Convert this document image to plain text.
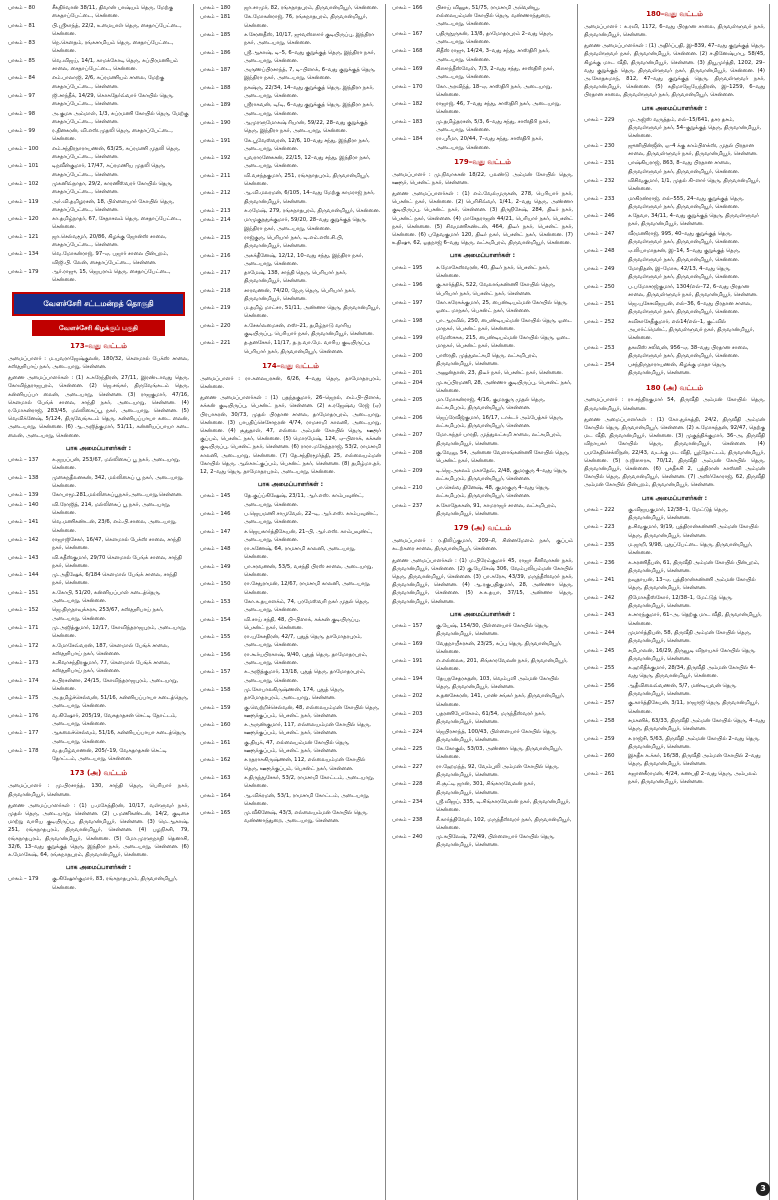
பாகம் – 80	சீகதிர்வான் 38/11, திவான் பாஷ்யம் தெரு, மேற்கு கைதாப்பேட்டை, சென்னை.
பாகம் – 81	பி.ஸ்ரீகாந்த், 22/2, உமையாள் தெரு, சைதாப்பேட்டை, சென்னை.
பாகம் – 83	நெ.கௌதம், ரங்கசாமியம் தெரு, சைதாப்பேட்டை, சென்னை.
பாகம் – 85	வெ.விஜய், 14/1, காமக்கோடி தெரு, சுப்பிரமணியம் சாலை, சைதாப்பேட்டை, சென்னை.
பாகம் – 84	எம்.பாலாஜி, 2/6, சுப்ரமணியம் சாலை, மேற்கு சைதாப்பேட்டை, சென்னை.
பாகம் – 97	ஜி.சாந்தீக், 14/29, கொசுதேர்வ்வார் கோயில் தெரு, சைதாப்பேட்டை, சென்னை.
பாகம் – 98	அ.குமசு அம்மாள், 1/3, சுப்ரமணி கோயில் தெரு, மேற்கு சைதாப்பேட்டை, சென்னை.
பாகம் – 99	ர.தினகரன், வி.எஸ்.முதலி தெரு, சைதாப்பேட்டை, சென்னை.
பாகம் – 100	எம்.சந்திரநாராயணன், 63/25, சுப்ரமணி முதலி தெரு, சைதாப்பேட்டை, சென்னை.
பாகம் – 101	டிநவீன்குமார், 17/47, சுப்ரமணிய முதலி தெரு, சைதாப்பேட்டை, சென்னை.
பாகம் – 102	முகனிவ்நாதா, 29/2, காரணீஸ்வரர் கோயில் தெரு, சைதாப்பேட்டை, சென்னை.
பாகம் – 119	அர்.வி.தமிழரசன், 18, பிள்ளையார் கோயில் தெரு, சைதாப்பேட்டை, சென்னை.
பாகம் – 120	கா.தமிழ்நாதர், 67, சேதாசலம் தெரு, சைதாப்பேட்டை, சென்னை.
பாகம் – 121	ஜா.செல்வமூர், 20/86, கிழக்கு ஜோன்ஸ் சாலை, சைதாப்பேட்டை, சென்னை.
பாகம் – 134	வெ.மோகன்ராஜ், 97–ஏ, பஜார் சாலை பின்புறம், விஜி.பி. லேன், சைதாப்பேட்டை, சென்னை.
பாகம் – 179	ஆர்.ராஜு, 15, ஜெயராம் தெரு, சைதாப்பேட்டை, சென்னை.
வேளச்சேரி சட்டமன்றத் தொகுதி
வேளச்சேரி கிழக்குப் பகுதி
173–வது வட்டம்
அமைப்பாளர் : ம.யுவராஜேஷ்குலன், 180/32, கௌமால் பேக்ஸ் சாலை, கஸ்தூரிபாய் நகர், அடையாறு, சென்னை.
துணை அமைப்பாளர்கள் : (1) க.சுரேந்திரன், 27/11, இரண்டாவது தெரு, கோவிந்தராஜபுரம், சென்னை. (2) ஜெ.சங்கர், திருவேங்கடம் தெரு, கன்னியப்பா லைன், அடையாறு, சென்னை. (3) ராஜகுமார், 47/16, கௌமால் பேங்க் சாலை, சாந்தி நகர், அடையாறு, சென்னை. (4) ர.மோகன்ராஜ், 283/45, மல்லிகைப்பூ நகர், அடையாறு, சென்னை. (5) வெவிக்னேஷ், 5/124, திருவேங்கடம் தெரு, கன்னியப்பாயா கடை லைன், அடையாறு, சென்னை. (6) ஆ.அஜித்குமார், 51/11, கன்னியப்பாயா கடை லைன், அடையாறு, சென்னை.
பாக அமைப்பாளர்கள் :
பாகம் – 137	க.ஜயப்பன், 253/67, மல்லிகைப் பூ நகர், அடையாறு, சென்னை.
பாகம் – 138	முகைநதீலனகன், 342, மல்லிகைப் பூ நகர், அடையாறு, சென்னை.
பாகம் – 139	கோபாமூ.281,மல்லிகைப்பூநகர்,அடையாறு,சென்னை.
பாகம் – 140	வி.ரோஜித், 214, மல்லிகைப் பூ நகர், அடையாறு, சென்னை.
பாகம் – 141	வெ.மணிகண்டன், 23/6, எம்.பி.சாலை, அடையாறு, சென்னை.
பாகம் – 142	ராஜாஜிசேகர், 16/47, கௌமால் பேக்ஸ் சாலை, சாந்தி நகர், சென்னை.
பாகம் – 143	வி.சுதீஸ்குமார், 29/70 கௌமால் பேங்க் சாலை, சாந்தி நகர், சென்னை.
பாகம் – 144	மு.அதீஷேக், 6/184 கௌமால் பேங்க் சாலை, சாந்தி நகர், சென்னை.
பாகம் – 151	க.கோபி, 51/20, கன்னியப்பாள் கடைத்தெரு, அடையாறு, சென்னை.
பாகம் – 152	ஜெ.திருநாவுக்கரசு, 253/67, கஸ்தூரிபாய் நகர், அடையாறு, சென்னை.
பாகம் – 171	மு.அஜித்குமார், 12/17, கோவிந்தராஜபுரம், அடையாறு, சென்னை.
பாகம் – 172	க.மோசேவ்வரன், 187, கௌமால் பேங்க் சாலை, கஸ்தூரிபாய் நகர், சென்னை.
பாகம் – 173	க.சிவாசந்திரகுமார், 77, கௌமால் பேங்க் சாலை, கஸ்தூரிபாய் நகர், சென்னை.
பாகம் – 174	க.பிரசன்னா, 24/15, கோவிந்தராஜபுரம், அடையாறு, சென்னை.
பாகம் – 175	அ.தமிழ்ச்செல்வன், 51/16, கன்னியப்பாயா கடைத்தெரு, அடையாறு, சென்னை.
பாகம் – 176	வ.கிஷோர், 205/19, வேகதாதசன் செட்டி தோட்டம், அடையாறு, சென்னை.
பாகம் – 177	ஆகலைச்செல்வம், 51/16, கன்னியப்பாயா கடைத்தெரு, அடையாறு, சென்னை.
பாகம் – 178	வ.தமிழ்வாணன், 205/–19, வேகதாதசன் செட்டி தோட்டம், அடையாறு, சென்னை.
173 (அ) வட்டம்
அமைப்பாளர் : மு.பிரசாந்த், 130, சாந்தி தெரு, பெரியார் நகர், திருவான்மியூர், சென்னை.
துணை அமைப்பாளர்கள் : (1) ப.மகேந்திரன், 10/17, வள்ளுவர் நகர், முதல் தெரு, அடையாறு, சென்னை. (2) ப.மணிகண்டன், 14/2, குடிசை மாற்று வாரிய குடியிருப்பு, திருவான்மியூர், சென்னை. (3) மெ.ஆகாஷ், 251, ரங்கநாதபுரம், திருவான்மியூர், சென்னை. (4) பழநிசுசி, 79, ரங்கநாதபுரம், திருவான்மியூர், சென்னை. (5) மோ.முரளுநாதி தெனாசி, 32/6, 13–வது குறுக்குத் தெரு, இந்திரா நகர், அடையாறு, சென்னை. (6) க.மோகேஷ், 64, ரங்கநாதபுரம், திருவான்மியூர், சென்னை.
பாக அமைப்பாளர்கள் :
பாகம் – 179	கு.கிஷோர்குமார், 83, ரங்கநாதபுரம், திருவான்மியூர், சென்னை.
பாகம் – 180	ஜா.சாமுர், 82, ரங்கநாதபுரம், திருவான்மியூர், சென்னை.
பாகம் – 181	கே.மோகன்ராஜ், 76, ரங்கநாதபுரம், திருவான்மியூர், சென்னை.
பாகம் – 185	ச.சேரனதீஸ், 10/17, ஜுவஸ்ஸார் குடியிருப்பு, இந்திரா நகர், அடையாறு, சென்னை.
பாகம் – 186	ஸ்ரீ.ஆகாஷ், டி–5, 6–வது குறுக்குத் தெரு, இந்திரா நகர், அடையாறு, சென்னை.
பாகம் – 187	அருணப்பிரசாந்த், 7, டி–பிளாக், 6–வது குறுக்குத் தெரு, இந்திரா நகர், அடையாறு, சென்னை.
பாகம் – 188	நசுஷ்ரு, 22/34, 14–வது குறுக்குத் தெரு, இந்திரா நகர், அடையாறு, சென்னை.
பாகம் – 189	ஸ்ரீராகவன், டி/டி, 6–வது குறுக்குத் தெரு, இந்திரா நகர், அடையாறு, சென்னை.
பாகம் – 190	ஆமுரளுமோகஷ் ரியான், 59/22, 28–வது குறுக்குத் தெரு, இந்திரா நகர், அடையாறு, சென்னை.
பாகம் – 191	கே.பூவேஸ்வரன், 12/6, 10–வது சந்து, இந்திரா நகர், அடையாறு, சென்னை.
பாகம் – 192	யுவராரனேசுசன், 22/15, 12–வது சந்து, இந்திரா நகர், அடையாறு, சென்னை.
பாகம் – 211	வி.வசந்தகுமார், 251, ரங்கநாதபுரம், திருவான்மியூர், சென்னை.
பாகம் – 212	ஆ.வி.மலரமன், 6/105, 14–வது மேற்கு காமராஜ் நகர், திருவான்மியூர், சென்னை.
பாகம் – 213	சு.ரமேஷ், 279, ரங்கநாதபுரம், திருவான்மியூர், சென்னை.
பாகம் – 214	மாமுகுநதுக்குமார், 59/20, 28–வது குறுக்குத் தெரு, இந்திரா நகர், அடையாறு, சென்னை.
பாகம் – 215	ராஜ்குரு, பெரியார் நகர், டி.எம்.எஸ்.சி.பி, திருவான்மியூர், சென்னை.
பாகம் – 216	அசுக்தீனேஷ், 12/12, 10–வது சந்து, இந்திரா நகர், அடையாறு, சென்னை.
பாகம் – 217	தாமேஷ், 138, சாந்தி தெரு, பெரியார் நகர், திருவான்மியூர், சென்னை.
பாகம் – 218	சாரவணன், 74/20, நேரு தெரு, பெரியார் நகர், திருவான்மியூர், சென்னை.
பாகம் – 219	ம.தமிழ் மாட்சா, 51/11, அண்ணா தெரு, திருவான்மியூர், சென்னை.
பாகம் – 220	க.சேகர்லமைசன், எஸ்–21, தமிழ்நாடு வாரிய குடியிருப்பு, பெரியார் நகர், திருவான்மியூர், சென்னை.
பாகம் – 221	த.தனசேகர், 11/17, த.ந.வா.மே. வாரிய குடியிருப்பு, பெரியார் நகர், திருவான்மியூர், சென்னை.
174–வது வட்டம்
அமைப்பாளர் : ரா.கலையரசன், 6/26, 4–வது தெரு, தாமோதரபுரம், சென்னை.
துணை அமைப்பாளர்கள் : (1) பதந்தகுமார், 26–ஜெரல், எம்.பி–பிளாக், கக்கன் குடியிருப்பு, பெசன்ட் நகர், சென்னை. (2) க.ரஜேஷ்வ ரேஜ் (ஏ) பிரபாகரன், 30/73, முதல் பிரதான சாலை, தாமோதரபுரம், அடையாறு, சென்னை. (3) பாபதிப்செசோநரன் 4/74, ராமசாமி காலனி, அடையாறு, சென்னை. (4) சூதுதாள், 47, எல்லை அம்மன் கோயில் தெரு, ஊரூர் குப்பம், பெசன்ட் நகர், சென்னை. (5) மொரமேஷ், 124, ஏ–பிளாக், கக்கன் குடியிருப்பு, பெசன்ட் நகர், சென்னை. (6) ராரா.மகேந்தராஜ், 53/2, ராமசாமி காலனி, அடையாறு, சென்னை. (7) தே.சந்திரமூர்த்தி, 25, எல்லையம்மன் கோயில் தெரு, ஆல்காட்குப்பம், பெசன்ட் நகர், சென்னை. (8) தமிழ்மா.தர், 12, 2–வது தெரு, தாமோதரபுரம், அடையாறு, சென்னை.
பாக அமைப்பாளர்கள் :
பாகம் – 145	தே.குப்ப்கிஷேஷ், 23/11, ஆர்.எஸ். காம்பவுண்ட், அடையாறு, சென்னை.
பாகம் – 146	ப.ஜெயமணி சாமுவேல், 22–டி, ஆர்.எஸ். காம்பவுண்ட், அடையாறு, சென்னை.
பாகம் – 147	ச.ஜெயகார்த்திகேயன், 21–பி, ஆர்.எஸ். காம்பவுண்ட், அடையாறு, சென்னை.
பாகம் – 148	ரா.கணேஷ், 64, ராமசாமி காலனி, அடையாறு, சென்னை.
பாகம் – 149	பா.சரவணன், 53/5, வசந்தி பிரஸ் சாலை, அடையாறு, சென்னை.
பாகம் – 150	ரா.சேதுராமன், 12/67, ராமசாமி காலனி, அடையாறு, சென்னை.
பாகம் – 153	கோ.க.தயாளக்ம், 74, பரமேஸ்வரி நகர் முதல் தெரு, அடையாறு, சென்னை.
பாகம் – 154	வி.சாய் சந்தி, 48, பி–பிளாக், கக்கன் குடியிருப்பு, பெசன்ட் நகர், சென்னை.
பாகம் – 155	ரா.யுகேசதிரன், 42/7, புதுத் தெரு, தாமோதரபுரம், அடையாறு, சென்னை.
பாகம் – 156	ரா.கூர்யபிரகாஷ், 9/40, புதுத் தெரு, தாமோதரபுரம், அடையாறு, சென்னை.
பாகம் – 157	க.அஜித்குமார், 13/18, புதுத் தெரு, தாமோதரபுரம், அடையாறு, சென்னை.
பாகம் – 158	மு.கோபாலகிருஷ்ணன், 174, புதுத் தெரு, தாமோதரபுரம், அடையாறு, சென்னை.
பாகம் – 159	கு.வெற்றிச்செல்வன், 48, எல்லையம்மன் கோயில் தெரு, ஊரூர்குப்பம், பெசன்ட் நகர், சென்னை.
பாகம் – 160	ச.அருண்குமார், 117, எல்லையம்மன் கோயில் தெரு, ஊரூர்குப்பம், பெசன்ட் நகர், சென்னை.
பாகம் – 161	கு.தியுக், 47, எல்லையம்மன் கோயில் தெரு, ஊரூர்குப்பம், பெசன்ட் நகர், சென்னை.
பாகம் – 162	ச.ரதராசுகிருஷ்ணன், 112, எல்லையம்மன் கோயில் தெரு, ஊரூர்குப்பம், பெசன்ட் நகர், சென்னை.
பாகம் – 163	ச.திருந்துசேகர், 53/2, ராமசாமி கோட்டம், அடையாறு, சென்னை.
பாகம் – 164	ஆ.விக்ரமன், 53/1, ராமசாமி கோட்டம், அடையாறு, சென்னை.
பாகம் – 165	மு.வீகினேஷ், 43/3, எல்லையம்மன் கோயில் தெரு, வண்ணாந்துறை, அடையாறு, சென்னை.
பாகம் – 166	பிசாய் வினுசு, 51/75, ராமசாமி அவென்யூ, எல்லையம்மன் கோயில் தெரு, வண்ணாந்துறை, அடையாறு, சென்னை.
பாகம் – 167	பதிருநுருகன், 13/8, தாமோதரபுரம் 2–வது தெரு, அடையாறு, சென்னை.
பாகம் – 168	சிதீஸ் ராஜு, 14/24, 3–வது சந்து, சாஸ்திரி நகர், அடையாறு, சென்னை.
பாகம் – 169	கிஸாந்தீஸ்வேள், 7/3, 2–வது சந்து, சாஸ்திரி நகர், அடையாறு, சென்னை.
பாகம் – 170	கோ.அரவிந்த், 18–ஏ, சாஸ்திரி நகர், அடையாறு, சென்னை.
பாகம் – 182	ராஜாஜ், 46, 7–வது சந்து, சாஸ்திரி நகர், அடையாறு, சென்னை.
பாகம் – 183	மு.தமிழ்தரசன், 5/3, 6–வது சந்து, சாஸ்திரி நகர், அடையாறு, சென்னை.
பாகம் – 184	ரா.புரீமா, 20/44, 7–வது சந்து, சாஸ்திரி நகர், அடையாறு, சென்னை.
179–வது வட்டம்
அமைப்பாளர் : மு.நிவாசுசன் 18/22, பலண்டு அம்மன் கோயில் தெரு, ஊரூர், பெசன்ட் நகர், சென்னை.
துணை அமைப்பாளர்கள் : (1) எம்.வேல்முருகன், 278, பெரியார் நகர், பெசன்ட் நகர், சென்னை. (2) பெரிசிவ்வர், 1/41, 2–வது தெரு, அண்ணா குடியிருப்பு, பெசன்ட் நகர், சென்னை. (3) திருநிசேஷ், 284, திடீர் நகர், பெசன்ட் நகர், சென்னை. (4) மாசேதராஜன் 44/21, பெரியார் நகர், பெசன்ட் நகர், சென்னை. (5) சிவமணிகண்டன், 464, திடீர் நகர், பெசன்ட் நகர், சென்னை. (6) பதேவகுமார் 120, திடீர் நகர், பெசன்ட் நகர், சென்னை. (7) உதிஷு, 62, ஓதநாஜ் 6–வது தெரு, லட்சுமிபுரம், திருவான்மியூர், சென்னை.
பாக அமைப்பாளர்கள் :
பாகம் – 195	ச.மோகேஸ்வரன், 40, திடீர் நகர், பெசன்ட் நகர், சென்னை.
பாகம் – 196	கு.கார்த்திக், 522, வேலாங்கண்ணி கோயில் தெரு, பெரியார் நகர், பெசன்ட் நகர், சென்னை.
பாகம் – 197	கோ.சுரேசுக்குமார், 25, பைண்டியம்மன் கோயில் தெரு, ஓடை மாநகர், பெசன்ட் நகர், சென்னை.
பாகம் – 198	பா.ஆரவில், 250, பைண்டியம்மன் கோயில் தெரு, ஓடை மாநகர், பெசன்ட் நகர், சென்னை.
பாகம் – 199	ரமேஸ்சசுசு, 215, பைண்டியம்மன் கோயில் தெரு, ஓடை மாநகர், பெசன்ட் நகர், சென்னை.
பாகம் – 200	பாஸ்ரதி, முத்துலட்சுமி தெரு, லட்சுமிபுரம், திருவான்மியூர், சென்னை.
பாகம் – 201	அனுன்தான், 23, திடீர் நகர், பெசன்ட் நகர், சென்னை.
பாகம் – 204	மு.சுப்பிரமணி, 28, அண்ணா குடியிருப்பு, பெசன்ட் நகர், சென்னை.
பாகம் – 205	மா.மோகன்ராஜ், 4/16, குமரகுரு முதல் தெரு, லட்சுமிபுரம், திருவான்மியூர், சென்னை.
பாகம் – 206	ஜெப்ரேவீஜ்குமார், 16/17, டாக்டர் அம்பேத்கர் தெரு, லட்சுமிபுரம், திருவான்மியூர், சென்னை.
பாகம் – 207	மோ.சுந்தர் பாரதி, முத்துலட்சுமி சாலை, லட்சுமிபுரம், திருவான்மியூர், சென்னை.
பாகம் – 208	கு.வேலு, 54, அன்னை வேளாங்கண்ணி கோயில் தெரு, பெசன்ட் நகர், சென்னை.
பாகம் – 209	டி.ஜெ.அசுலம் மகாதேவ், 2/48, குமரகுரு 4–வது தெரு, லட்சுமிபுரம், திருவான்மியூர், சென்னை.
பாகம் – 210	பா.செல்வ தினேஷ், 48, குமரகுரு 4–வது தெரு, லட்சுமிபுரம், திருவான்மியூர், சென்னை.
பாகம் – 237	ச.கோதேசுகன், 91, காமராஜர் சாலை, லட்சுமிபுரம், திருவான்மியூர், சென்னை.
179 (அ) வட்டம்
அமைப்பாளர் : ர.திலிப்குமார், 209–சி, சின்னமேளம் நகர், குப்பம் கடற்கரை சாலை, திருவான்மியூர், சென்னை.
துணை அமைப்பாளர்கள் : (1) ம.பிரேம்குமார் 45, ராஜா சீனிவாசன் நகர், திருவான்மியூர், சென்னை. (2) கு.யேசேஷ் 306, வேம்புலியம்மன் கோயில் தெரு, திருவான்மியூர், சென்னை. (3) பா.சுரேசு, 43/39, மருந்தீஸ்வரர் நகர், திருவான்மியூர், சென்னை. (4) ஆ.ரகுபதிகுமார், 28, அண்ணா தெரு, திருவான்மியூர், சென்னை. (5) ச.சு.தயா, 37/15, அண்ணா தெரு, திருவான்மியூர், சென்னை.
பாக அமைப்பாளர்கள் :
பாகம் – 157	கு.யேஷ், 154/30, பிள்ளையார் கோயில் தெரு, திருவான்மியூர், சென்னை.
பாகம் – 169	வேதநாயீசுரகன், 23/25, கப்பு தெரு, திருவான்மியூர், சென்னை.
பாகம் – 191	எ.எல்லைசு, 201, சிங்காரவேலன் நகர், திருவான்மியூர், சென்னை.
பாகம் – 194	தேயநசேதரசுதன், 103, வெம்புளி அம்மன் கோயில் தெரு, திருவான்மியூர், சென்னை.
பாகம் – 202	ச.தனசேகரன், 141, பாண் சங்கர் நகர், திருவான்மியூர், சென்னை.
பாகம் – 203	பதரணிபோகோம், 61/54, மருந்தீஸ்வரர் நகர், திருவான்மியூர், சென்னை.
பாகம் – 224	ஜெபிரசாந்த், 100/43, பிள்ளையார் கோயில் தெரு, திருவான்மியூர், சென்னை.
பாகம் – 225	கே.கோகுல், 53/03, அண்ணா தெரு, திருவான்மியூர், சென்னை.
பாகம் – 227	ரா.ஹேமந்த், 92, வேம்புலி அம்மன் கோயில் தெரு, திருவான்மியூர், சென்னை.
பாகம் – 228	சி.சூட்டி ஜான், 301, சிங்காரவேலன் நகர், திருவான்மியூர், சென்னை.
பாகம் – 234	ஸ்ரீ.விஜய், 335, டி.சிங்காரவேலன் நகர், திருவான்மியூர், சென்னை.
பாகம் – 238	சீ.கார்த்திவேல், 102, மருந்தீஸ்வரர் நகர், திருவான்மியூர், சென்னை.
பாகம் – 240	மு.கபிலேஷ், 72/49, பிள்ளையார் கோயில் தெரு, திருவான்மியூர், சென்னை.
180–வது வட்டம்
அமைப்பாளர் : க.ரவி, 1172, 6–வது பிரதான சாலை, திருவள்ளுவர் நகர், திருவான்மியூர், சென்னை.
துணை அமைப்பாளர்கள் : (1) அதிர்ப்பதி, இ–839, 47–வது குறுக்குத் தெரு, திருவள்ளுவர் நகர், திருவான்மியூர், சென்னை. (2) ச.தினேஷ்பாபு, 58/45, கிழக்கு மாட வீதி, திருவான்மியூர், சென்னை. (3) தியூமுர்த்தி, 1202, 29–வது குறுக்குத் தெரு, திருவள்ளுவர் நகர், திருவான்மியூர், சென்னை. (4) அ.கோதசுமாந், 812, 47–வது குறுக்குத் தெரு, திருவள்ளுவர் நகர், திருவான்மியூர், சென்னை. (5) சுதிமாஜேயேந்திரன், இ–1259, 6–வது பிரதான சாலை, திருவள்ளுவர் நகர், திருவான்மியூர், சென்னை.
பாக அமைப்பாளர்கள் :
பாகம் – 229	மு.அஜ்ஸ் வருத்தம், எல்–15/641, தசர தசம், திருவள்ளுவர் நகர், 54–குறுக்குத் தெரு, திருவான்மியூர், சென்னை.
பாகம் – 230	ஜுனியின்ஜீன், ஒ–4 க்கு காம்பிளக்ஸ், முதல் பிரதான சாலை, திருவள்ளுவர் நகர், திருவான்மியூர், சென்னை.
பாகம் – 231	பாஷ்கியராஜ், 863, 8–வது பிரதான சாலை, திருவள்ளுவர் நகர், திருவான்மியூர், சென்னை.
பாகம் – 232	விசிவகுமார், 1/1, முதல் கி–ளார் தெரு, திருவான்மியூர், சென்னை.
பாகம் – 233	மாகிரண்ராஜ், எல்–555, 24–வது குறுக்குத் தெரு, திருவள்ளுவர் நகர், திருவான்மியூர், சென்னை.
பாகம் – 246	ச.தேவா, 34/11, 4–வது குறுக்குத் தெரு, திருவள்ளுவர் நகர், திருவான்மியூர், சென்னை.
பாகம் – 247	வீரமணிராஜ், 995, 40–வது குறுக்குத் தெரு, திருவள்ளுவர் நகர், திருவான்மியூர், சென்னை.
பாகம் – 248	ஏ.லியாமாதசன், இ–14, 5–வது குறுக்குத் தெரு, திருவள்ளுவர் நகர், திருவான்மியூர், சென்னை.
பாகம் – 249	மோதிதன், இ–மோசு, 42/13, 4–வது தெரு, திருவள்ளுவர் நகர், திருவான்மியூர், சென்னை.
பாகம் – 250	ப.பமோசரஜ்குமார், 1304/எல்–72, 6–வது பிரதான சாலை, திருவள்ளுவர் நகர், திருவான்மியூர், சென்னை.
பாகம் – 251	ஜெ.யுசேசவிஜயன், எல்–36, 6–வது பிரதான சாலை, திருவள்ளுவர் நகர், திருவான்மியூர், சென்னை.
பாகம் – 252	சுவிகாசேதீகுமார், எல்14/எல்–1, குட்வில் அபார்ட்மென்ட், திருவள்ளுவர் நகர், திருவான்மியூர், சென்னை.
பாகம் – 253	தசுவிஸ் சலிவன், 956–ஏ, 38–வது பிரதான சாலை, திருவள்ளுவர் நகர், திருவான்மியூர், சென்னை.
பாகம் – 254	பசந்திருநாராயணன், கிழக்கு மாதா தெரு, திருவான்மியூர், சென்னை.
180 (அ) வட்டம்
அமைப்பாளர் : ரா.சந்திரகுமார் 54, திருவீதி அம்மன் கோயில் தெரு, திருவான்மியூர், சென்னை.
துணை அமைப்பாளர்கள் : (1) கோ.துர்கத்தி, 24/2, திருவீதி அம்மன் கோயில் தெரு, திருவான்மியூர், சென்னை. (2) க.மோகந்தன், 92/47, தெற்கு மட வீதி, திருவான்மியூர், சென்னை. (3) முகுந்திக்குமார், 36–அ, திருவீதி விநாயகர் கோயில் தெரு, திருவான்மியூர், சென்னை. (4) பமகேதிசெக்லிநன், 22/43, வடக்கு மட வீதி, பூந்தோட்டம், திருவான்மியூர், சென்னை. (5) ர.ஜிஸாரசு, 70/12, திருவீதி அம்மன் கோயில் தெரு, திருவான்மியூர், சென்னை. (6) புகதீசுசி 2, புத்திரான் காஸ்னி அம்மன் கோயில் தெரு, திருவான்மியூர், சென்னை. (7) அஸ்ர்கோராஜ், 62, திருவீதி அம்மன் கோயில் பின்புறம், திருவான்மியூர், சென்னை.
பாக அமைப்பாளர்கள் :
பாகம் – 222	கு.விஜயகுமார், 12/38–1, மேட்டுத் தெரு, திருவான்மியூர், சென்னை.
பாகம் – 223	த.சிவகுமார், 9/19, புத்திரான்கண்ணி அம்மன் கோயில் தெரு, திருவான்மியூர், சென்னை.
பாகம் – 235	ம.ஜாறி, 9/98, புதுப்பேட்டை தெரு, திருவான்மியூர், சென்னை.
பாகம் – 236	க.கரணிதீபன், 61, திருவீதி அம்மன் கோயில் பின்புறம், திருவான்மியூர், சென்னை.
பாகம் – 241	நவுதாயன், 13–ஏ, புத்திரான்கண்ணி அம்மன் கோயில் தெரு, திருவான்மியூர், சென்னை.
பாகம் – 242	நிமோசுதீஸ்கோர், 12/38–1, மேட்டுத் தெரு, திருவான்மியூர், சென்னை.
பாகம் – 243	சு.சாரந்குமார், 61–அ, தெற்கு மாட வீதி, திருவான்மியூர், சென்னை.
பாகம் – 244	முமார்த்திபன், 58, திருவீதி அம்மன் கோயில் தெரு, திருவான்மியூர், சென்னை.
பாகம் – 245	சமிபாலன், 16/29, திருவூடி விநாயகர் கோயில் தெரு, திருவான்மியூர், சென்னை.
பாகம் – 255	க.ஹரிதீக்குமார், 28/34, திருவீதி அம்மன் கோயில் 4–வது தெரு, திருவான்மியூர், சென்னை.
பாகம் – 256	ஆதீவிலைவ்வணன், 5/7, மண்டியுவன் தெரு, திருவான்மியூர், சென்னை.
பாகம் – 257	கு.கார்த்திகேயன், 3/11, ராஜாஜி தெரு, திருவான்மியூர், சென்னை.
பாகம் – 258	சமகனிக், 63/33, திருவீதி அம்மன் கோயில் தெரு, 4–வது தெரு, திருவான்மியூர், சென்னை.
பாகம் – 259	ச.ராஜ்சி, 5/63, திருவீதி அம்மன் கோயில் 2–வது தெரு, திருவான்மியூர், சென்னை.
பாகம் – 260	இசுதீசு க.க்கர், 16/38, திருவீதி அம்மன் கோயில் 2–வது தெரு, திருவான்மியூர், சென்னை.
பாகம் – 261	சுஜானகீராமன், 4/24, கணபதி 2–வது தெரு, அம்பலம் நகர், திருவான்மியூர், சென்னை.
3
